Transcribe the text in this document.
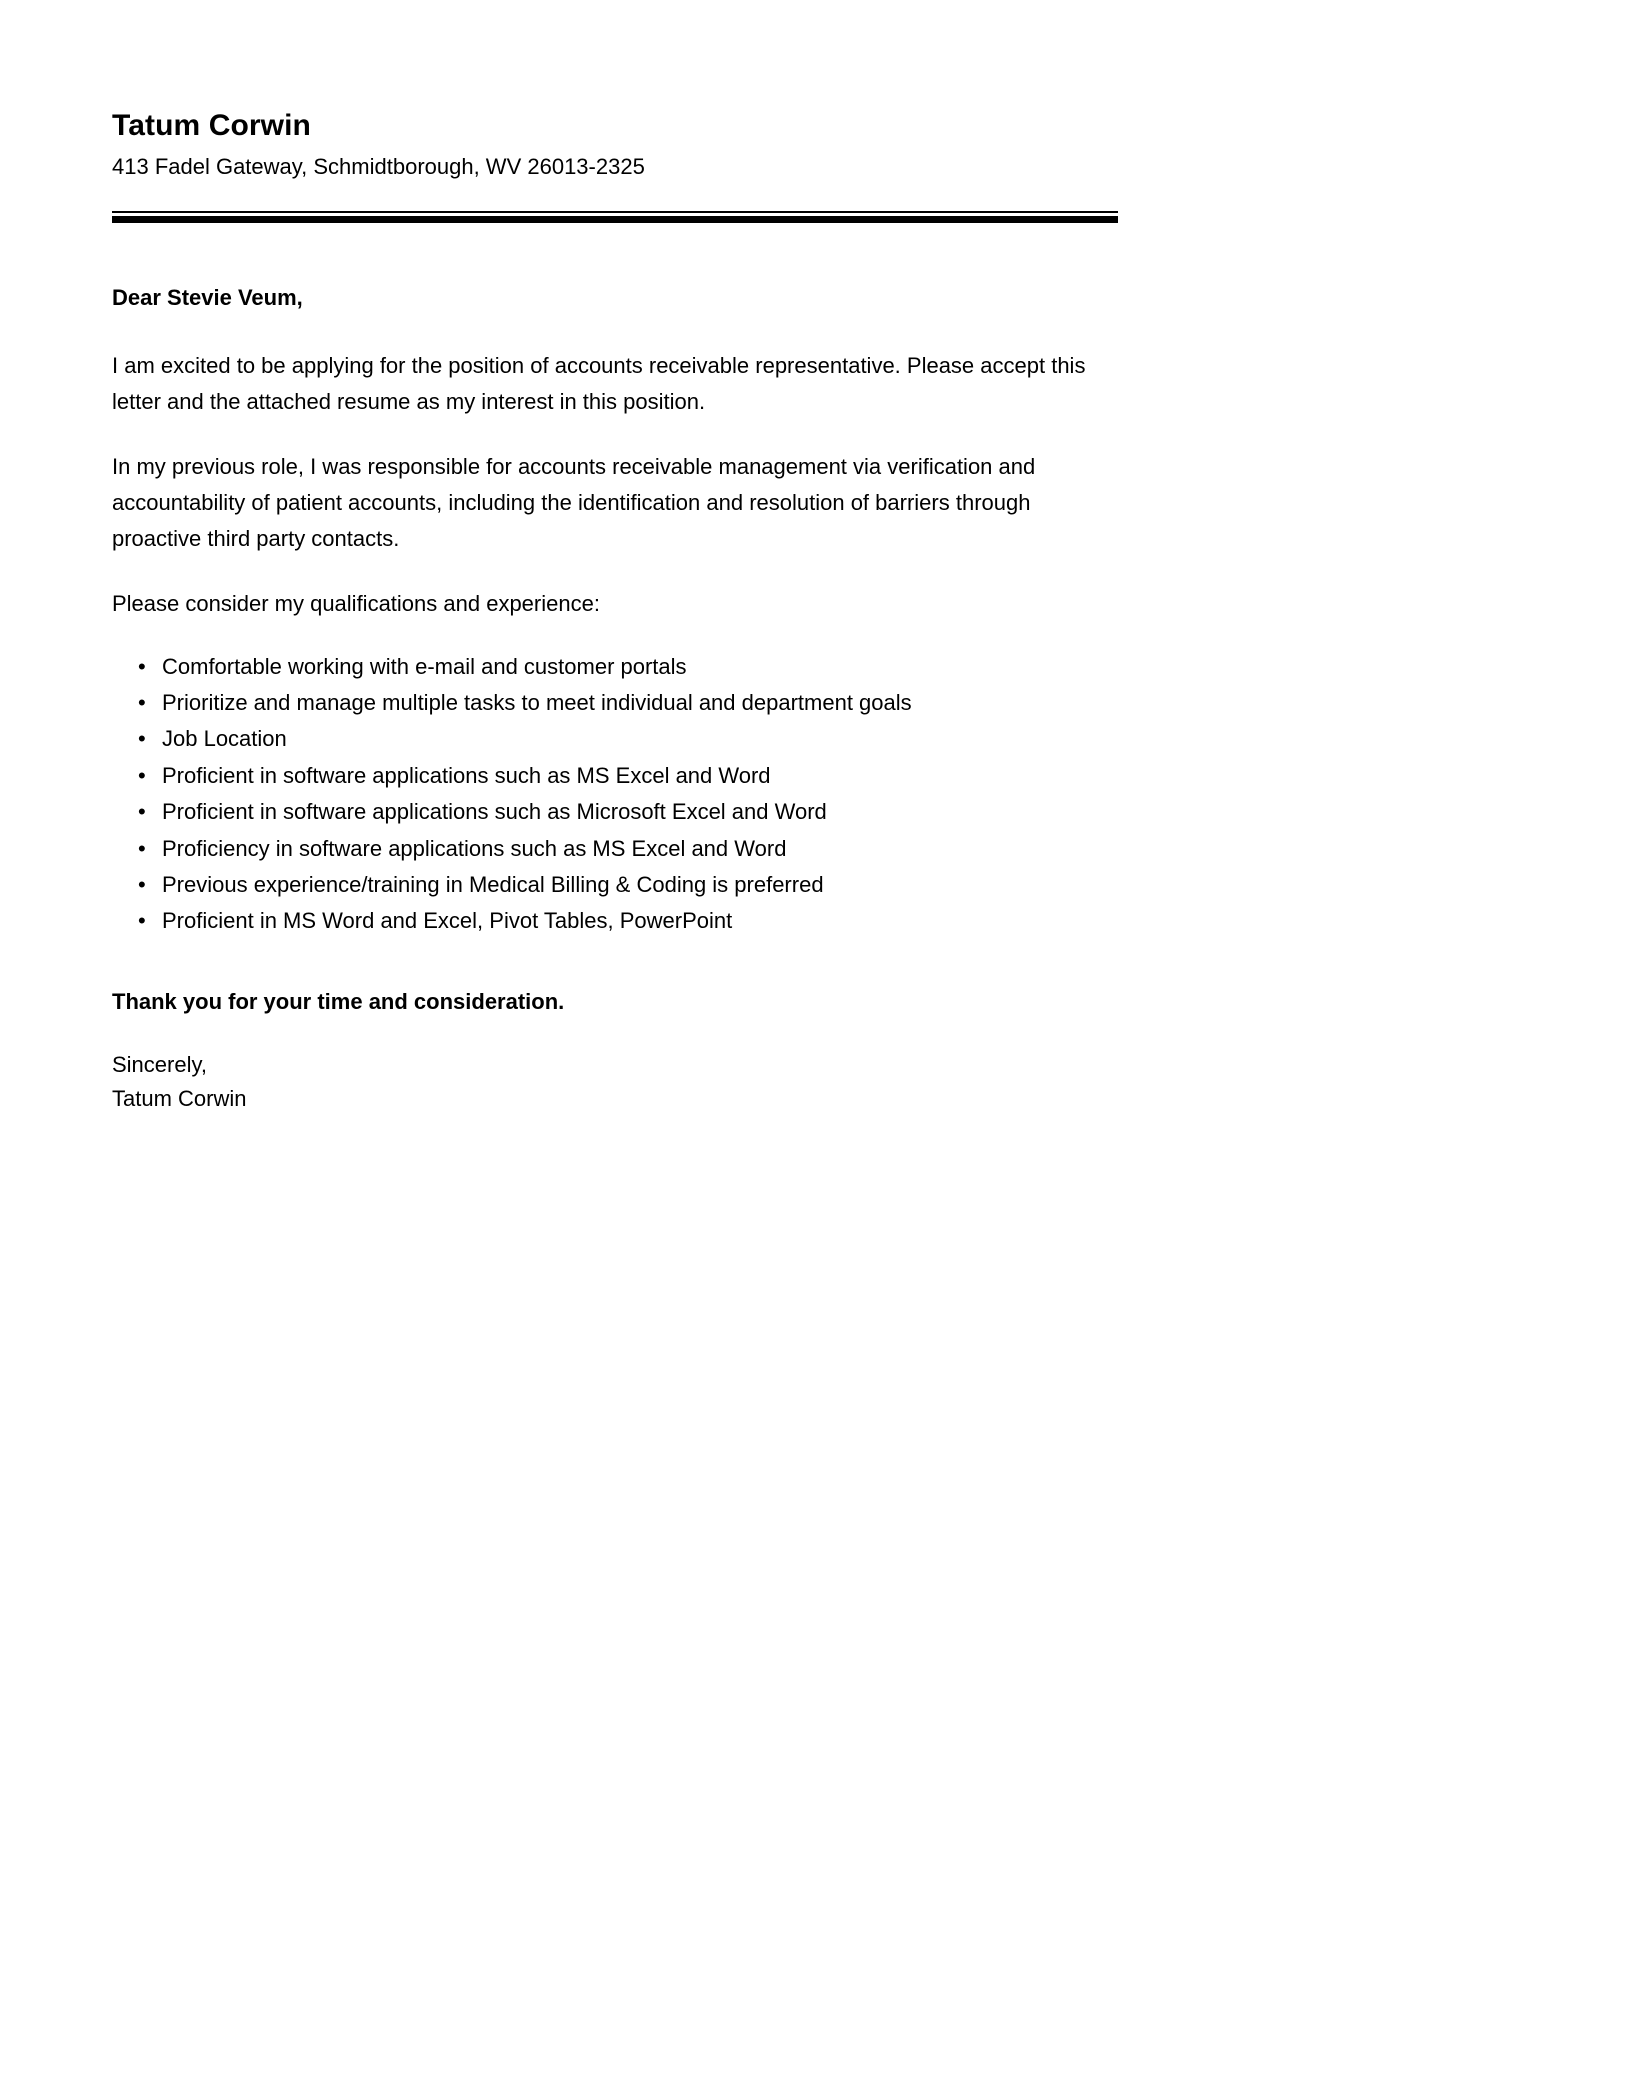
Tatum Corwin

413 Fadel Gateway, Schmidtborough, WV 26013-2325

Dear Stevie Veum,

I am excited to be applying for the position of accounts receivable representative. Please accept this letter and the attached resume as my interest in this position.

In my previous role, I was responsible for accounts receivable management via verification and accountability of patient accounts, including the identification and resolution of barriers through proactive third party contacts.

Please consider my qualifications and experience:

• Comfortable working with e-mail and customer portals
• Prioritize and manage multiple tasks to meet individual and department goals
• Job Location
• Proficient in software applications such as MS Excel and Word
• Proficient in software applications such as Microsoft Excel and Word
• Proficiency in software applications such as MS Excel and Word
• Previous experience/training in Medical Billing & Coding is preferred
• Proficient in MS Word and Excel, Pivot Tables, PowerPoint

Thank you for your time and consideration.

Sincerely,
Tatum Corwin
